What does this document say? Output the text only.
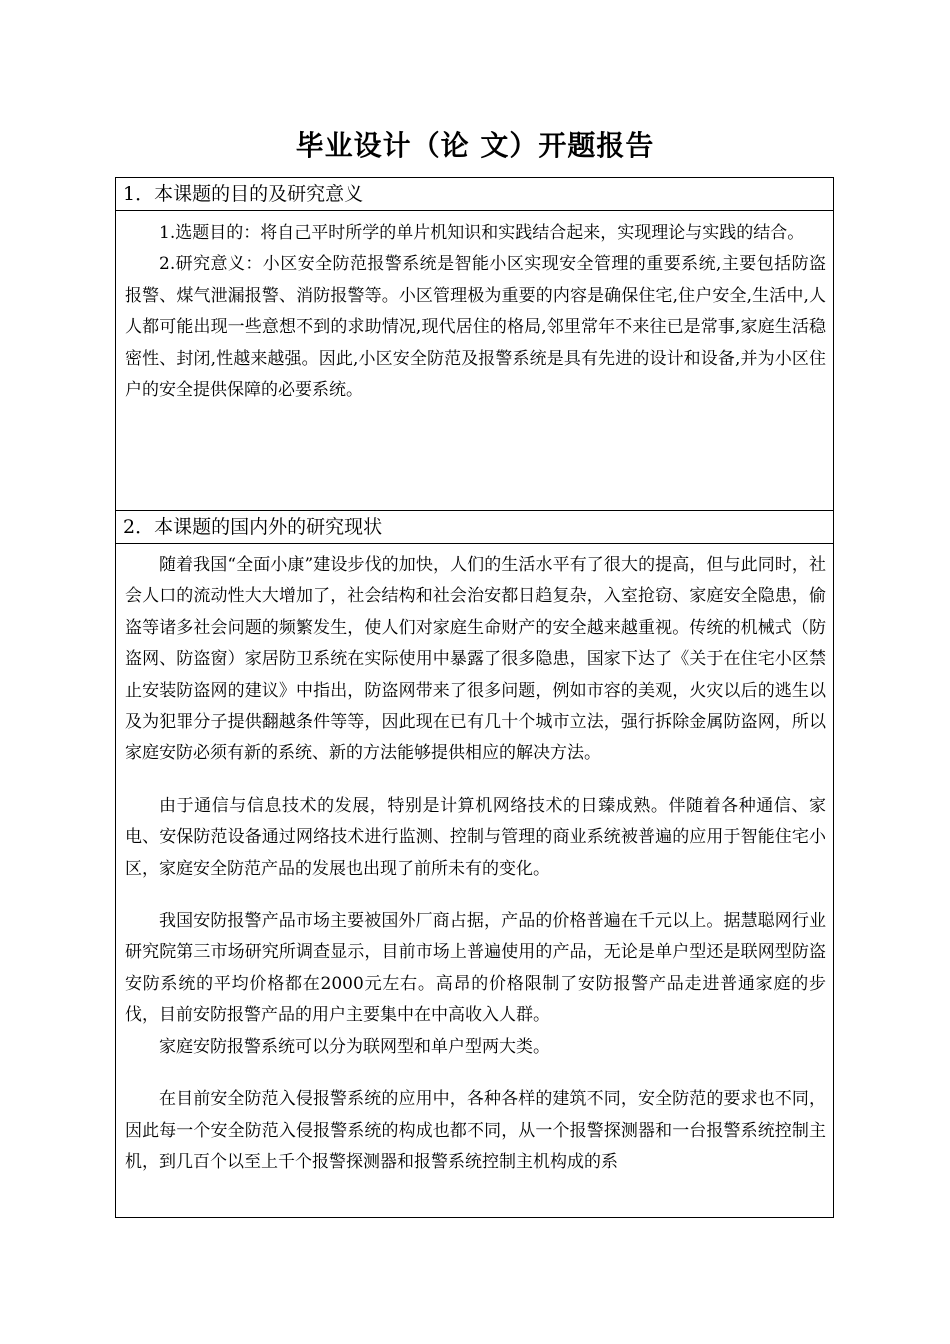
毕业设计（论 文）开题报告
1．本课题的目的及研究意义

1.选题目的：将自己平时所学的单片机知识和实践结合起来，实现理论与实践的结合。

2.研究意义：小区安全防范报警系统是智能小区实现安全管理的重要系统,主要包括防盗报警、煤气泄漏报警、消防报警等。小区管理极为重要的内容是确保住宅,住户安全,生活中,人人都可能出现一些意想不到的求助情况,现代居住的格局,邻里常年不来往已是常事,家庭生活稳密性、封闭,性越来越强。因此,小区安全防范及报警系统是具有先进的设计和设备,并为小区住户的安全提供保障的必要系统。

2．本课题的国内外的研究现状

随着我国“全面小康”建设步伐的加快，人们的生活水平有了很大的提高，但与此同时，社会人口的流动性大大增加了，社会结构和社会治安都日趋复杂，入室抢窃、家庭安全隐患，偷盗等诸多社会问题的频繁发生，使人们对家庭生命财产的安全越来越重视。传统的机械式（防盗网、防盗窗）家居防卫系统在实际使用中暴露了很多隐患，国家下达了《关于在住宅小区禁止安装防盗网的建议》中指出，防盗网带来了很多问题，例如市容的美观，火灾以后的逃生以及为犯罪分子提供翻越条件等等，因此现在已有几十个城市立法，强行拆除金属防盗网，所以家庭安防必须有新的系统、新的方法能够提供相应的解决方法。

由于通信与信息技术的发展，特别是计算机网络技术的日臻成熟。伴随着各种通信、家电、安保防范设备通过网络技术进行监测、控制与管理的商业系统被普遍的应用于智能住宅小区，家庭安全防范产品的发展也出现了前所未有的变化。

我国安防报警产品市场主要被国外厂商占据，产品的价格普遍在千元以上。据慧聪网行业研究院第三市场研究所调查显示，目前市场上普遍使用的产品，无论是单户型还是联网型防盗安防系统的平均价格都在2000元左右。高昂的价格限制了安防报警产品走进普通家庭的步伐，目前安防报警产品的用户主要集中在中高收入人群。

家庭安防报警系统可以分为联网型和单户型两大类。

在目前安全防范入侵报警系统的应用中，各种各样的建筑不同，安全防范的要求也不同，因此每一个安全防范入侵报警系统的构成也都不同，从一个报警探测器和一台报警系统控制主机，到几百个以至上千个报警探测器和报警系统控制主机构成的系
